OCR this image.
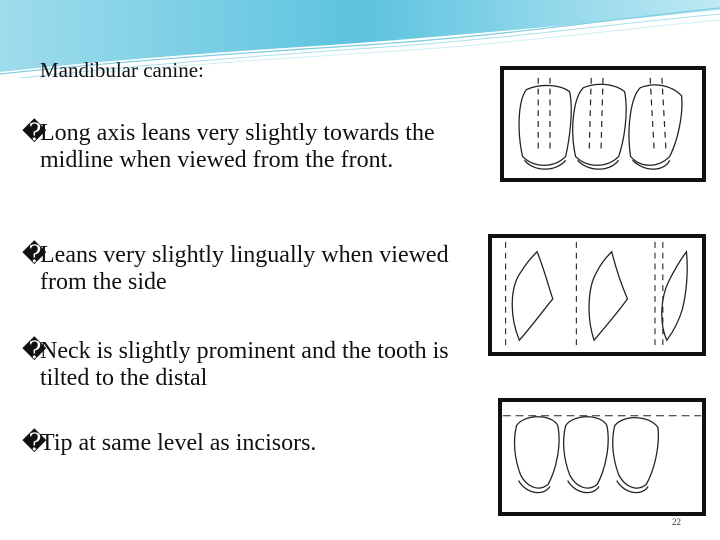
Mandibular canine:
�
Long axis leans very slightly towards the midline when viewed from the front.
�
Leans very slightly lingually when viewed from the side
�
Neck is slightly prominent and the tooth is tilted to the distal
�
Tip at same level as incisors.
22
